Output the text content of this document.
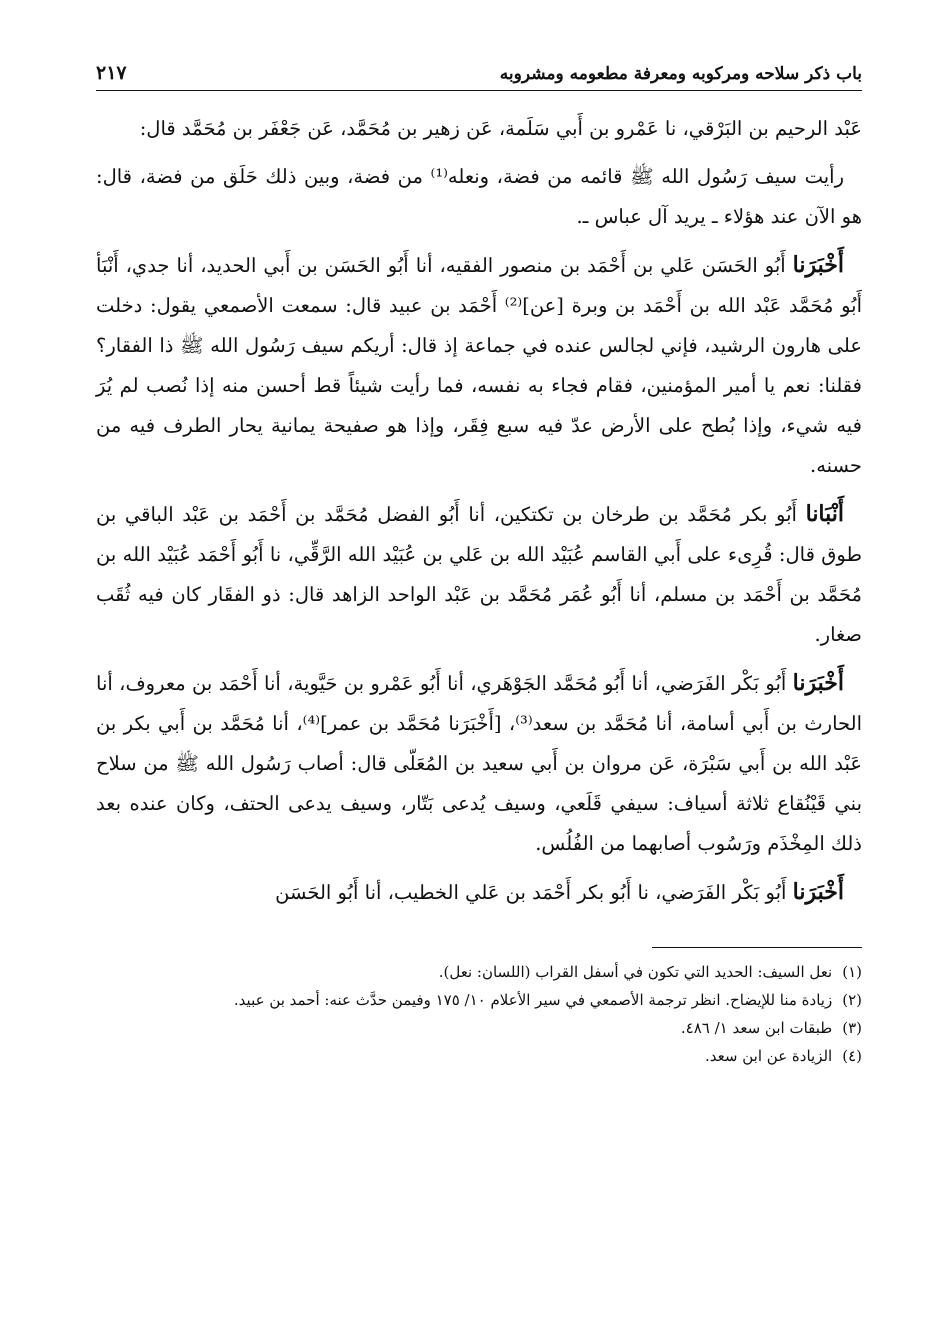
باب ذكر سلاحه ومركوبه ومعرفة مطعومه ومشروبه
٢١٧

عَبْد الرحيم بن البَرْقي، نا عَمْرو بن أَبي سَلَمة، عَن زهير بن مُحَمَّد، عَن جَعْفَر بن مُحَمَّد قال:

رأيت سيف رَسُول الله ﷺ قائمه من فضة، ونعله⁽¹⁾ من فضة، وبين ذلك حَلَق من فضة، قال: هو الآن عند هؤلاء ـ يريد آل عباس ـ.

أَخْبَرَنا أَبُو الحَسَن عَلي بن أَحْمَد بن منصور الفقيه، أنا أَبُو الحَسَن بن أَبي الحديد، أنا جدي، أَنْبَأ أَبُو مُحَمَّد عَبْد الله بن أَحْمَد بن وبرة [عن]⁽²⁾ أَحْمَد بن عبيد قال: سمعت الأصمعي يقول: دخلت على هارون الرشيد، فإني لجالس عنده في جماعة إذ قال: أريكم سيف رَسُول الله ﷺ ذا الفقار؟ فقلنا: نعم يا أمير المؤمنين، فقام فجاء به نفسه، فما رأيت شيئاً قط أحسن منه إذا نُصب لم يُرَ فيه شيء، وإذا بُطح على الأرض عدّ فيه سبع فِقَر، وإذا هو صفيحة يمانية يحار الطرف فيه من حسنه.

أَنْبَانا أَبُو بكر مُحَمَّد بن طرخان بن تكتكين، أنا أَبُو الفضل مُحَمَّد بن أَحْمَد بن عَبْد الباقي بن طوق قال: قُرِىء على أَبي القاسم عُبَيْد الله بن عَلي بن عُبَيْد الله الرَّقِّي، نا أَبُو أَحْمَد عُبَيْد الله بن مُحَمَّد بن أَحْمَد بن مسلم، أنا أَبُو عُمَر مُحَمَّد بن عَبْد الواحد الزاهد قال: ذو الفقَار كان فيه ثُقَب صغار.

أَخْبَرَنا أَبُو بَكْر الفَرَضي، أنا أَبُو مُحَمَّد الجَوْهَري، أنا أَبُو عَمْرو بن حَيَّوية، أنا أَحْمَد بن معروف، أنا الحارث بن أَبي أسامة، أنا مُحَمَّد بن سعد⁽³⁾، [أَخْبَرَنا مُحَمَّد بن عمر]⁽⁴⁾، أنا مُحَمَّد بن أَبي بكر بن عَبْد الله بن أَبي سَبْرَة، عَن مروان بن أَبي سعيد بن المُعَلّى قال: أصاب رَسُول الله ﷺ من سلاح بني قَيْنُقاع ثلاثة أسياف: سيفي قَلَعي، وسيف يُدعى بَتّار، وسيف يدعى الحتف، وكان عنده بعد ذلك المِخْذَم ورَسُوب أصابهما من الفُلُس.

أَخْبَرَنا أَبُو بَكْر الفَرَضي، نا أَبُو بكر أَحْمَد بن عَلي الخطيب، أنا أَبُو الحَسَن

(١)
نعل السيف: الحديد التي تكون في أسفل القراب (اللسان: نعل).
(٢)
زيادة منا للإيضاح. انظر ترجمة الأصمعي في سير الأعلام ١٠/ ١٧٥ وفيمن حدَّث عنه: أحمد بن عبيد.
(٣)
طبقات ابن سعد ١/ ٤٨٦.
(٤)
الزيادة عن ابن سعد.
